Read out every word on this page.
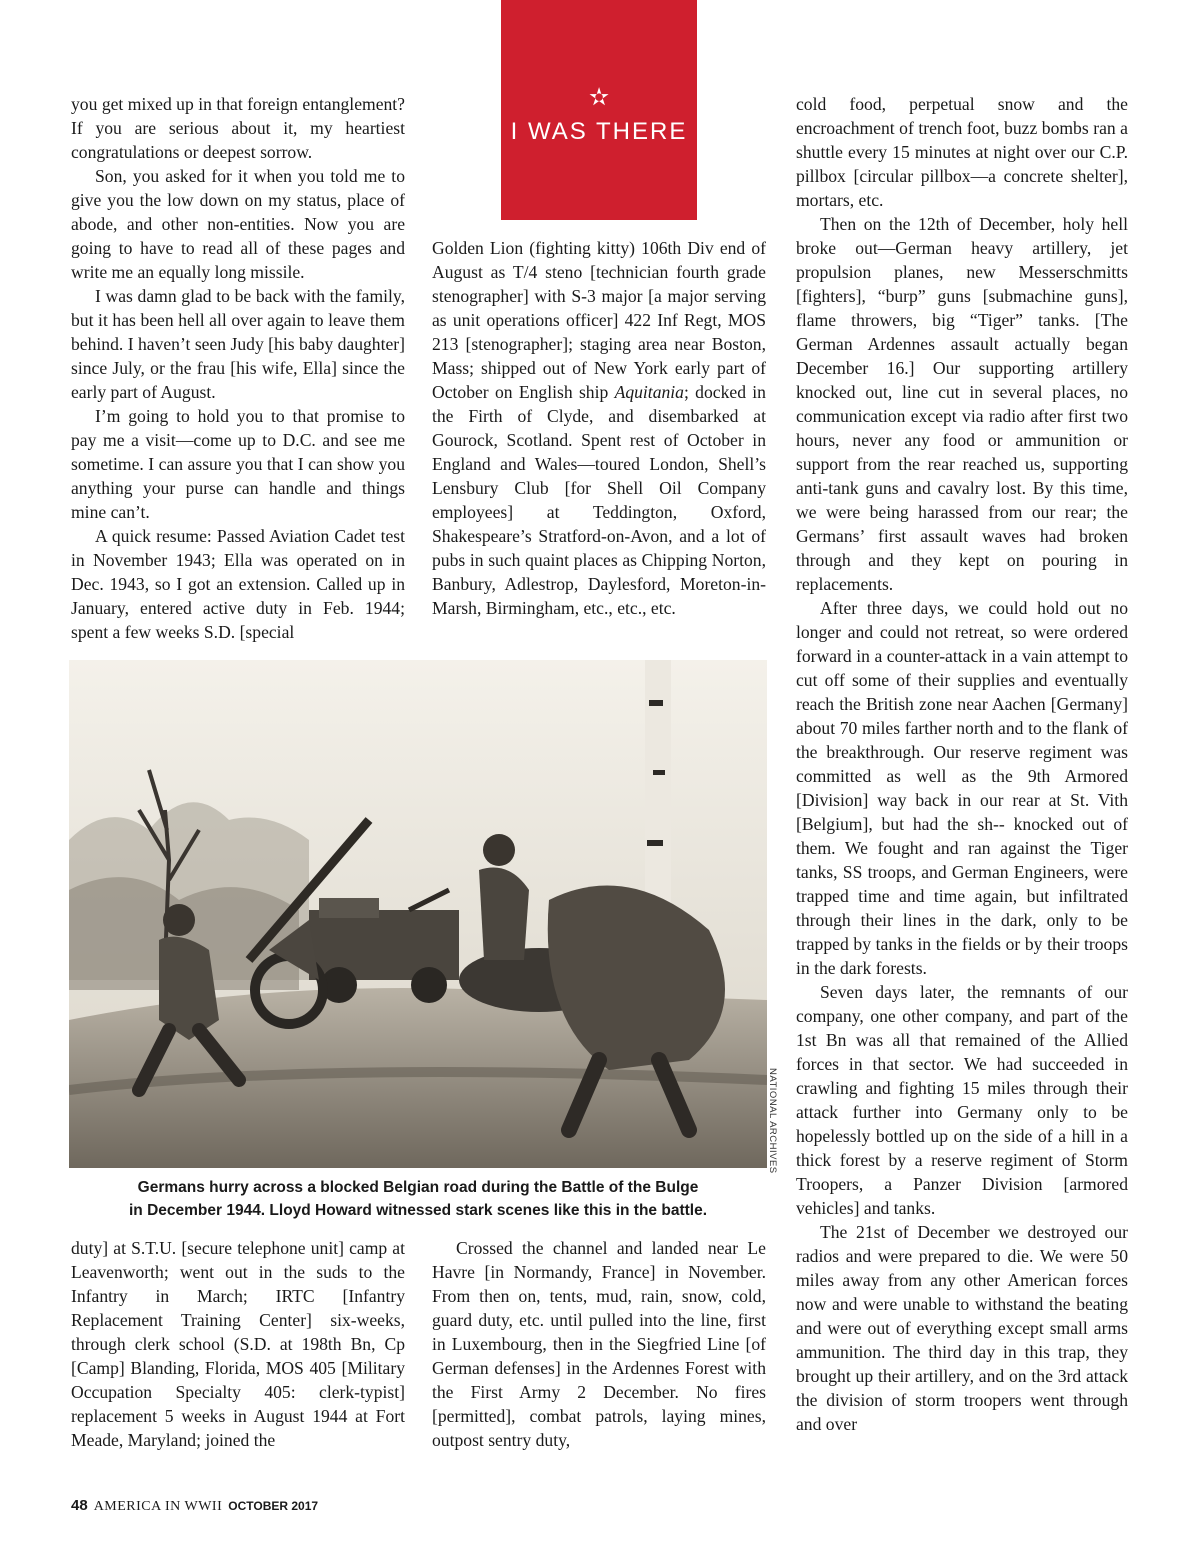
✫
I WAS THERE

you get mixed up in that foreign entanglement? If you are serious about it, my heartiest congratulations or deepest sorrow.

Son, you asked for it when you told me to give you the low down on my status, place of abode, and other non-entities. Now you are going to have to read all of these pages and write me an equally long missile.

I was damn glad to be back with the family, but it has been hell all over again to leave them behind. I haven’t seen Judy [his baby daughter] since July, or the frau [his wife, Ella] since the early part of August.

I’m going to hold you to that promise to pay me a visit—come up to D.C. and see me sometime. I can assure you that I can show you anything your purse can handle and things mine can’t.

A quick resume: Passed Aviation Cadet test in November 1943; Ella was operated on in Dec. 1943, so I got an extension. Called up in January, entered active duty in Feb. 1944; spent a few weeks S.D. [special

Golden Lion (fighting kitty) 106th Div end of August as T/4 steno [technician fourth grade stenographer] with S-3 major [a major serving as unit operations officer] 422 Inf Regt, MOS 213 [stenographer]; staging area near Boston, Mass; shipped out of New York early part of October on English ship Aquitania; docked in the Firth of Clyde, and disembarked at Gourock, Scotland. Spent rest of October in England and Wales—toured London, Shell’s Lensbury Club [for Shell Oil Company employees] at Teddington, Oxford, Shakespeare’s Stratford-on-Avon, and a lot of pubs in such quaint places as Chipping Norton, Banbury, Adlestrop, Daylesford, Moreton-in-Marsh, Birmingham, etc., etc., etc.

cold food, perpetual snow and the encroachment of trench foot, buzz bombs ran a shuttle every 15 minutes at night over our C.P. pillbox [circular pillbox—a concrete shelter], mortars, etc.

Then on the 12th of December, holy hell broke out—German heavy artillery, jet propulsion planes, new Messerschmitts [fighters], “burp” guns [submachine guns], flame throwers, big “Tiger” tanks. [The German Ardennes assault actually began December 16.] Our supporting artillery knocked out, line cut in several places, no communication except via radio after first two hours, never any food or ammunition or support from the rear reached us, supporting anti-tank guns and cavalry lost. By this time, we were being harassed from our rear; the Germans’ first assault waves had broken through and they kept on pouring in replacements.

After three days, we could hold out no longer and could not retreat, so were ordered forward in a counter-attack in a vain attempt to cut off some of their supplies and eventually reach the British zone near Aachen [Germany] about 70 miles farther north and to the flank of the breakthrough. Our reserve regiment was committed as well as the 9th Armored [Division] way back in our rear at St. Vith [Belgium], but had the sh-- knocked out of them. We fought and ran against the Tiger tanks, SS troops, and German Engineers, were trapped time and time again, but infiltrated through their lines in the dark, only to be trapped by tanks in the fields or by their troops in the dark forests.

Seven days later, the remnants of our company, one other company, and part of the 1st Bn was all that remained of the Allied forces in that sector. We had succeeded in crawling and fighting 15 miles through their attack further into Germany only to be hopelessly bottled up on the side of a hill in a thick forest by a reserve regiment of Storm Troopers, a Panzer Division [armored vehicles] and tanks.

The 21st of December we destroyed our radios and were prepared to die. We were 50 miles away from any other American forces now and were unable to withstand the beating and were out of everything except small arms ammunition. The third day in this trap, they brought up their artillery, and on the 3rd attack the division of storm troopers went through and over

NATIONAL ARCHIVES
Germans hurry across a blocked Belgian road during the Battle of the Bulge
in December 1944. Lloyd Howard witnessed stark scenes like this in the battle.

duty] at S.T.U. [secure telephone unit] camp at Leavenworth; went out in the suds to the Infantry in March; IRTC [Infantry Replacement Training Center] six-weeks, through clerk school (S.D. at 198th Bn, Cp [Camp] Blanding, Florida, MOS 405 [Military Occupation Specialty 405: clerk-typist] replacement 5 weeks in August 1944 at Fort Meade, Maryland; joined the

Crossed the channel and landed near Le Havre [in Normandy, France] in November. From then on, tents, mud, rain, snow, cold, guard duty, etc. until pulled into the line, first in Luxembourg, then in the Siegfried Line [of German defenses] in the Ardennes Forest with the First Army 2 December. No fires [permitted], combat patrols, laying mines, outpost sentry duty,

48 AMERICA IN WWII OCTOBER 2017
